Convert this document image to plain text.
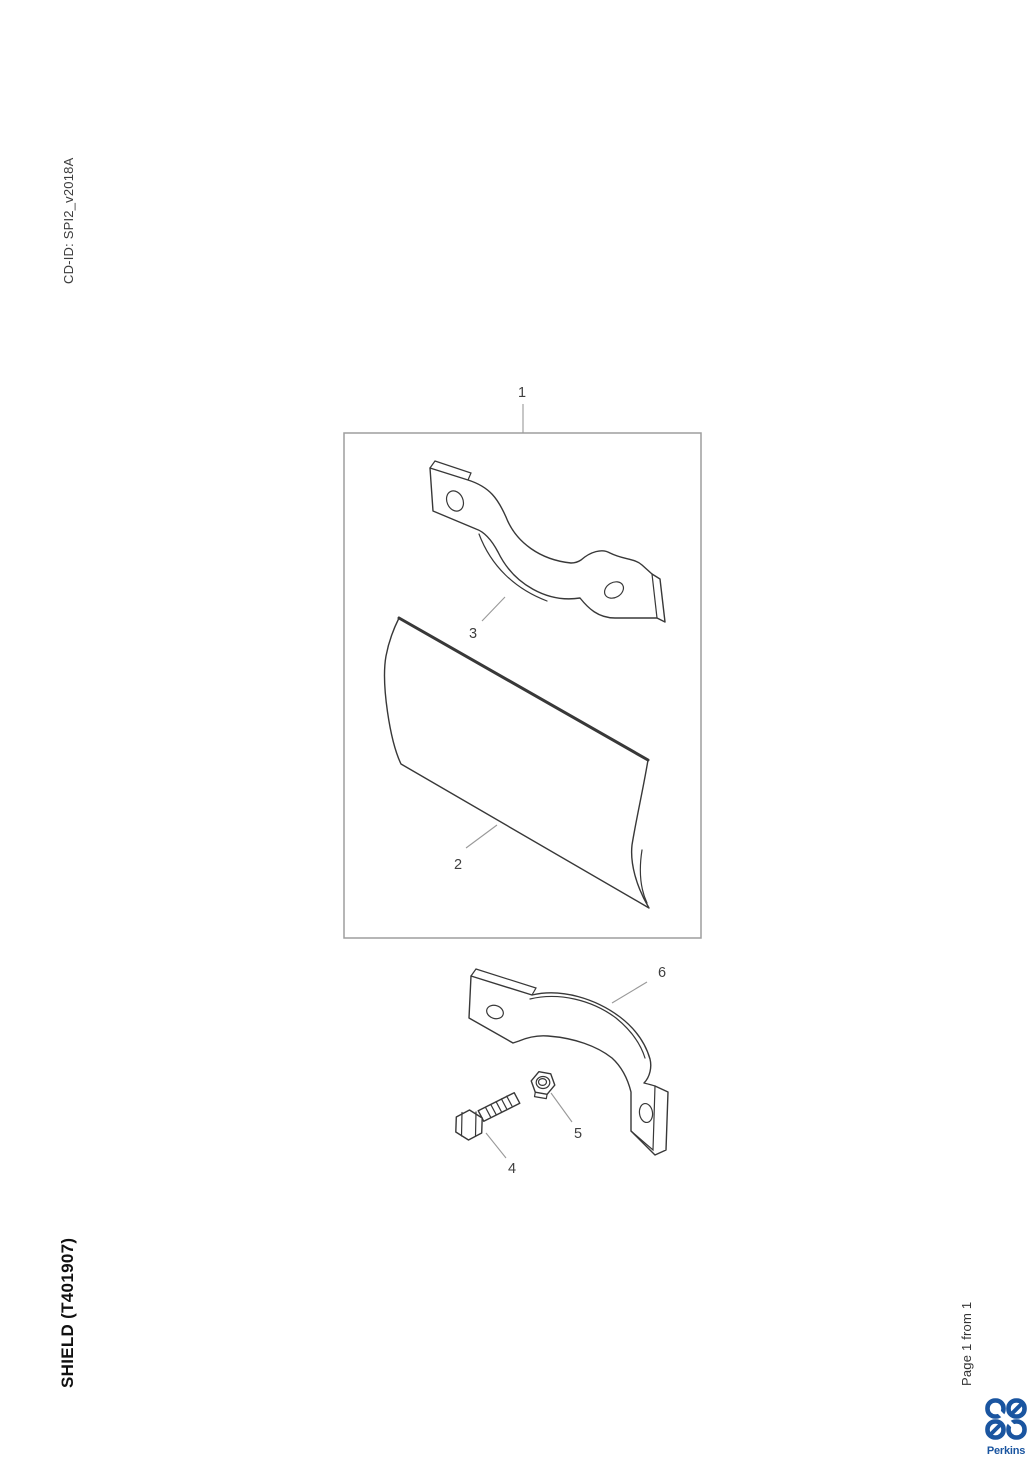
CD-ID: SPI2_v2018A
SHIELD (T401907)	Page 1 from 1
1
3
2
6
4
5
Perkins
